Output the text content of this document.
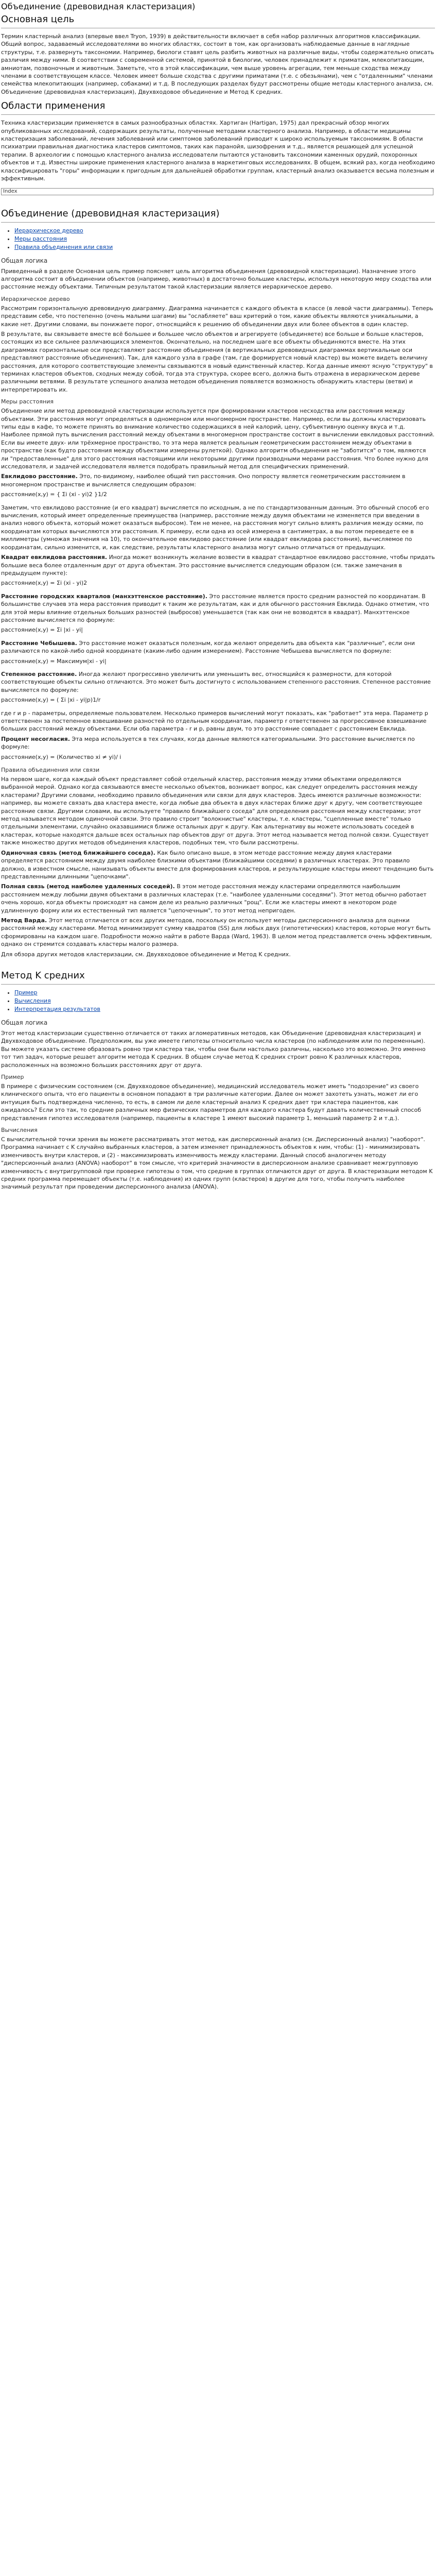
Объединение (древовидная кластеризация)
Основная цель

Термин кластерный анализ (впервые ввел Tryon, 1939) в действительности включает в себя набор различных алгоритмов классификации. Общий вопрос, задаваемый исследователями во многих областях, состоит в том, как организовать наблюдаемые данные в наглядные структуры, т.е. развернуть таксономии. Например, биологи ставят цель разбить животных на различные виды, чтобы содержательно описать различия между ними. В соответствии с современной системой, принятой в биологии, человек принадлежит к приматам, млекопитающим, амниотам, позвоночным и животным. Заметьте, что в этой классификации, чем выше уровень агрегации, тем меньше сходства между членами в соответствующем классе. Человек имеет больше сходства с другими приматами (т.е. с обезьянами), чем с "отдаленными" членами семейства млекопитающих (например, собаками) и т.д. В последующих разделах будут рассмотрены общие методы кластерного анализа, см. Объединение (древовидная кластеризация), Двухвходовое объединение и Метод K средних.

Области применения

Техника кластеризации применяется в самых разнообразных областях. Хартиган (Hartigan, 1975) дал прекрасный обзор многих опубликованных исследований, содержащих результаты, полученные методами кластерного анализа. Например, в области медицины кластеризация заболеваний, лечения заболеваний или симптомов заболеваний приводит к широко используемым таксономиям. В области психиатрии правильная диагностика кластеров симптомов, таких как паранойя, шизофрения и т.д., является решающей для успешной терапии. В археологии с помощью кластерного анализа исследователи пытаются установить таксономии каменных орудий, похоронных объектов и т.д. Известны широкие применения кластерного анализа в маркетинговых исследованиях. В общем, всякий раз, когда необходимо классифицировать "горы" информации к пригодным для дальнейшей обработки группам, кластерный анализ оказывается весьма полезным и эффективным.

Index
Объединение (древовидная кластеризация)
• Иерархическое дерево
• Меры расстояния
• Правила объединения или связи
Общая логика

Приведенный в разделе Основная цель пример поясняет цель алгоритма объединения (древовидной кластеризации). Назначение этого алгоритма состоит в объединении объектов (например, животных) в достаточно большие кластеры, используя некоторую меру сходства или расстояние между объектами. Типичным результатом такой кластеризации является иерархическое дерево.

Иерархическое дерево

Рассмотрим горизонтальную древовидную диаграмму. Диаграмма начинается с каждого объекта в классе (в левой части диаграммы). Теперь представим себе, что постепенно (очень малыми шагами) вы "ослабляете" ваш критерий о том, какие объекты являются уникальными, а какие нет. Другими словами, вы понижаете порог, относящийся к решению об объединении двух или более объектов в один кластер.

В результате, вы связываете вместе всё большее и большее число объектов и агрегируете (объединяете) все больше и больше кластеров, состоящих из все сильнее различающихся элементов. Окончательно, на последнем шаге все объекты объединяются вместе. На этих диаграммах горизонтальные оси представляют расстояние объединения (в вертикальных древовидных диаграммах вертикальные оси представляют расстояние объединения). Так, для каждого узла в графе (там, где формируется новый кластер) вы можете видеть величину расстояния, для которого соответствующие элементы связываются в новый единственный кластер. Когда данные имеют ясную "структуру" в терминах кластеров объектов, сходных между собой, тогда эта структура, скорее всего, должна быть отражена в иерархическом дереве различными ветвями. В результате успешного анализа методом объединения появляется возможность обнаружить кластеры (ветви) и интерпретировать их.

Меры расстояния

Объединение или метод древовидной кластеризации используется при формировании кластеров несходства или расстояния между объектами. Эти расстояния могут определяться в одномерном или многомерном пространстве. Например, если вы должны кластеризовать типы еды в кафе, то можете принять во внимание количество содержащихся в ней калорий, цену, субъективную оценку вкуса и т.д. Наиболее прямой путь вычисления расстояний между объектами в многомерном пространстве состоит в вычислении евклидовых расстояний. Если вы имеете двух- или трёхмерное пространство, то эта мера является реальным геометрическим расстоянием между объектами в пространстве (как будто расстояния между объектами измерены рулеткой). Однако алгоритм объединения не "заботится" о том, являются ли "предоставленные" для этого расстояния настоящими или некоторыми другими производными мерами расстояния. Что более нужно для исследователя, и задачей исследователя является подобрать правильный метод для специфических применений.

Евклидово расстояние. Это, по-видимому, наиболее общий тип расстояния. Оно попросту является геометрическим расстоянием в многомерном пространстве и вычисляется следующим образом:

расстояние(x,y) = { Σi (xi - yi)2 }1/2

Заметим, что евклидово расстояние (и его квадрат) вычисляется по исходным, а не по стандартизованным данным. Это обычный способ его вычисления, который имеет определенные преимущества (например, расстояние между двумя объектами не изменяется при введении в анализ нового объекта, который может оказаться выбросом). Тем не менее, на расстояния могут сильно влиять различия между осями, по координатам которых вычисляются эти расстояния. К примеру, если одна из осей измерена в сантиметрах, а вы потом переведете ее в миллиметры (умножая значения на 10), то окончательное евклидово расстояние (или квадрат евклидова расстояния), вычисляемое по координатам, сильно изменится, и, как следствие, результаты кластерного анализа могут сильно отличаться от предыдущих.

Квадрат евклидова расстояния. Иногда может возникнуть желание возвести в квадрат стандартное евклидово расстояние, чтобы придать большие веса более отдаленным друг от друга объектам. Это расстояние вычисляется следующим образом (см. также замечания в предыдущем пункте):

расстояние(x,y) = Σi (xi - yi)2

Расстояние городских кварталов (манхэттенское расстояние). Это расстояние является просто средним разностей по координатам. В большинстве случаев эта мера расстояния приводит к таким же результатам, как и для обычного расстояния Евклида. Однако отметим, что для этой меры влияние отдельных больших разностей (выбросов) уменьшается (так как они не возводятся в квадрат). Манхэттенское расстояние вычисляется по формуле:

расстояние(x,y) = Σi |xi - yi|

Расстояние Чебышева. Это расстояние может оказаться полезным, когда желают определить два объекта как "различные", если они различаются по какой-либо одной координате (каким-либо одним измерением). Расстояние Чебышева вычисляется по формуле:

расстояние(x,y) = Максимум|xi - yi|

Степенное расстояние. Иногда желают прогрессивно увеличить или уменьшить вес, относящийся к размерности, для которой соответствующие объекты сильно отличаются. Это может быть достигнуто с использованием степенного расстояния. Степенное расстояние вычисляется по формуле:

расстояние(x,y) = ( Σi |xi - yi|p)1/r

где r и p - параметры, определяемые пользователем. Несколько примеров вычислений могут показать, как "работает" эта мера. Параметр p ответственен за постепенное взвешивание разностей по отдельным координатам, параметр r ответственен за прогрессивное взвешивание больших расстояний между объектами. Если оба параметра - r и p, равны двум, то это расстояние совпадает с расстоянием Евклида.

Процент несогласия. Эта мера используется в тех случаях, когда данные являются категориальными. Это расстояние вычисляется по формуле:

расстояние(x,y) = (Количество xi ≠ yi)/ i

Правила объединения или связи

На первом шаге, когда каждый объект представляет собой отдельный кластер, расстояния между этими объектами определяются выбранной мерой. Однако когда связываются вместе несколько объектов, возникает вопрос, как следует определить расстояния между кластерами? Другими словами, необходимо правило объединения или связи для двух кластеров. Здесь имеются различные возможности: например, вы можете связать два кластера вместе, когда любые два объекта в двух кластерах ближе друг к другу, чем соответствующее расстояние связи. Другими словами, вы используете "правило ближайшего соседа" для определения расстояния между кластерами; этот метод называется методом одиночной связи. Это правило строит "волокнистые" кластеры, т.е. кластеры, "сцепленные вместе" только отдельными элементами, случайно оказавшимися ближе остальных друг к другу. Как альтернативу вы можете использовать соседей в кластерах, которые находятся дальше всех остальных пар объектов друг от друга. Этот метод называется метод полной связи. Существует также множество других методов объединения кластеров, подобных тем, что были рассмотрены.

Одиночная связь (метод ближайшего соседа). Как было описано выше, в этом методе расстояние между двумя кластерами определяется расстоянием между двумя наиболее близкими объектами (ближайшими соседями) в различных кластерах. Это правило должно, в известном смысле, нанизывать объекты вместе для формирования кластеров, и результирующие кластеры имеют тенденцию быть представленными длинными "цепочками".

Полная связь (метод наиболее удаленных соседей). В этом методе расстояния между кластерами определяются наибольшим расстоянием между любыми двумя объектами в различных кластерах (т.е. "наиболее удаленными соседями"). Этот метод обычно работает очень хорошо, когда объекты происходят на самом деле из реально различных "рощ". Если же кластеры имеют в некотором роде удлиненную форму или их естественный тип является "цепочечным", то этот метод непригоден.

Метод Варда. Этот метод отличается от всех других методов, поскольку он использует методы дисперсионного анализа для оценки расстояний между кластерами. Метод минимизирует сумму квадратов (SS) для любых двух (гипотетических) кластеров, которые могут быть сформированы на каждом шаге. Подробности можно найти в работе Варда (Ward, 1963). В целом метод представляется очень эффективным, однако он стремится создавать кластеры малого размера.

Для обзора других методов кластеризации, см. Двухвходовое объединение и Метод K средних.

Метод K средних
• Пример
• Вычисления
• Интерпретация результатов
Общая логика

Этот метод кластеризации существенно отличается от таких агломеративных методов, как Объединение (древовидная кластеризация) и Двухвходовое объединение. Предположим, вы уже имеете гипотезы относительно числа кластеров (по наблюдениям или по переменным). Вы можете указать системе образовать ровно три кластера так, чтобы они были настолько различны, насколько это возможно. Это именно тот тип задач, которые решает алгоритм метода K средних. В общем случае метод K средних строит ровно K различных кластеров, расположенных на возможно больших расстояниях друг от друга.

Пример

В примере с физическим состоянием (см. Двухвходовое объединение), медицинский исследователь может иметь "подозрение" из своего клинического опыта, что его пациенты в основном попадают в три различные категории. Далее он может захотеть узнать, может ли его интуиция быть подтверждена численно, то есть, в самом ли деле кластерный анализ K средних дает три кластера пациентов, как ожидалось? Если это так, то средние различных мер физических параметров для каждого кластера будут давать количественный способ представления гипотез исследователя (например, пациенты в кластере 1 имеют высокий параметр 1, меньший параметр 2 и т.д.).

Вычисления

С вычислительной точки зрения вы можете рассматривать этот метод, как дисперсионный анализ (см. Дисперсионный анализ) "наоборот". Программа начинает с K случайно выбранных кластеров, а затем изменяет принадлежность объектов к ним, чтобы: (1) - минимизировать изменчивость внутри кластеров, и (2) - максимизировать изменчивость между кластерами. Данный способ аналогичен методу "дисперсионный анализ (ANOVA) наоборот" в том смысле, что критерий значимости в дисперсионном анализе сравнивает межгрупповую изменчивость с внутригрупповой при проверке гипотезы о том, что средние в группах отличаются друг от друга. В кластеризации методом K средних программа перемещает объекты (т.е. наблюдения) из одних групп (кластеров) в другие для того, чтобы получить наиболее значимый результат при проведении дисперсионного анализа (ANOVA).
